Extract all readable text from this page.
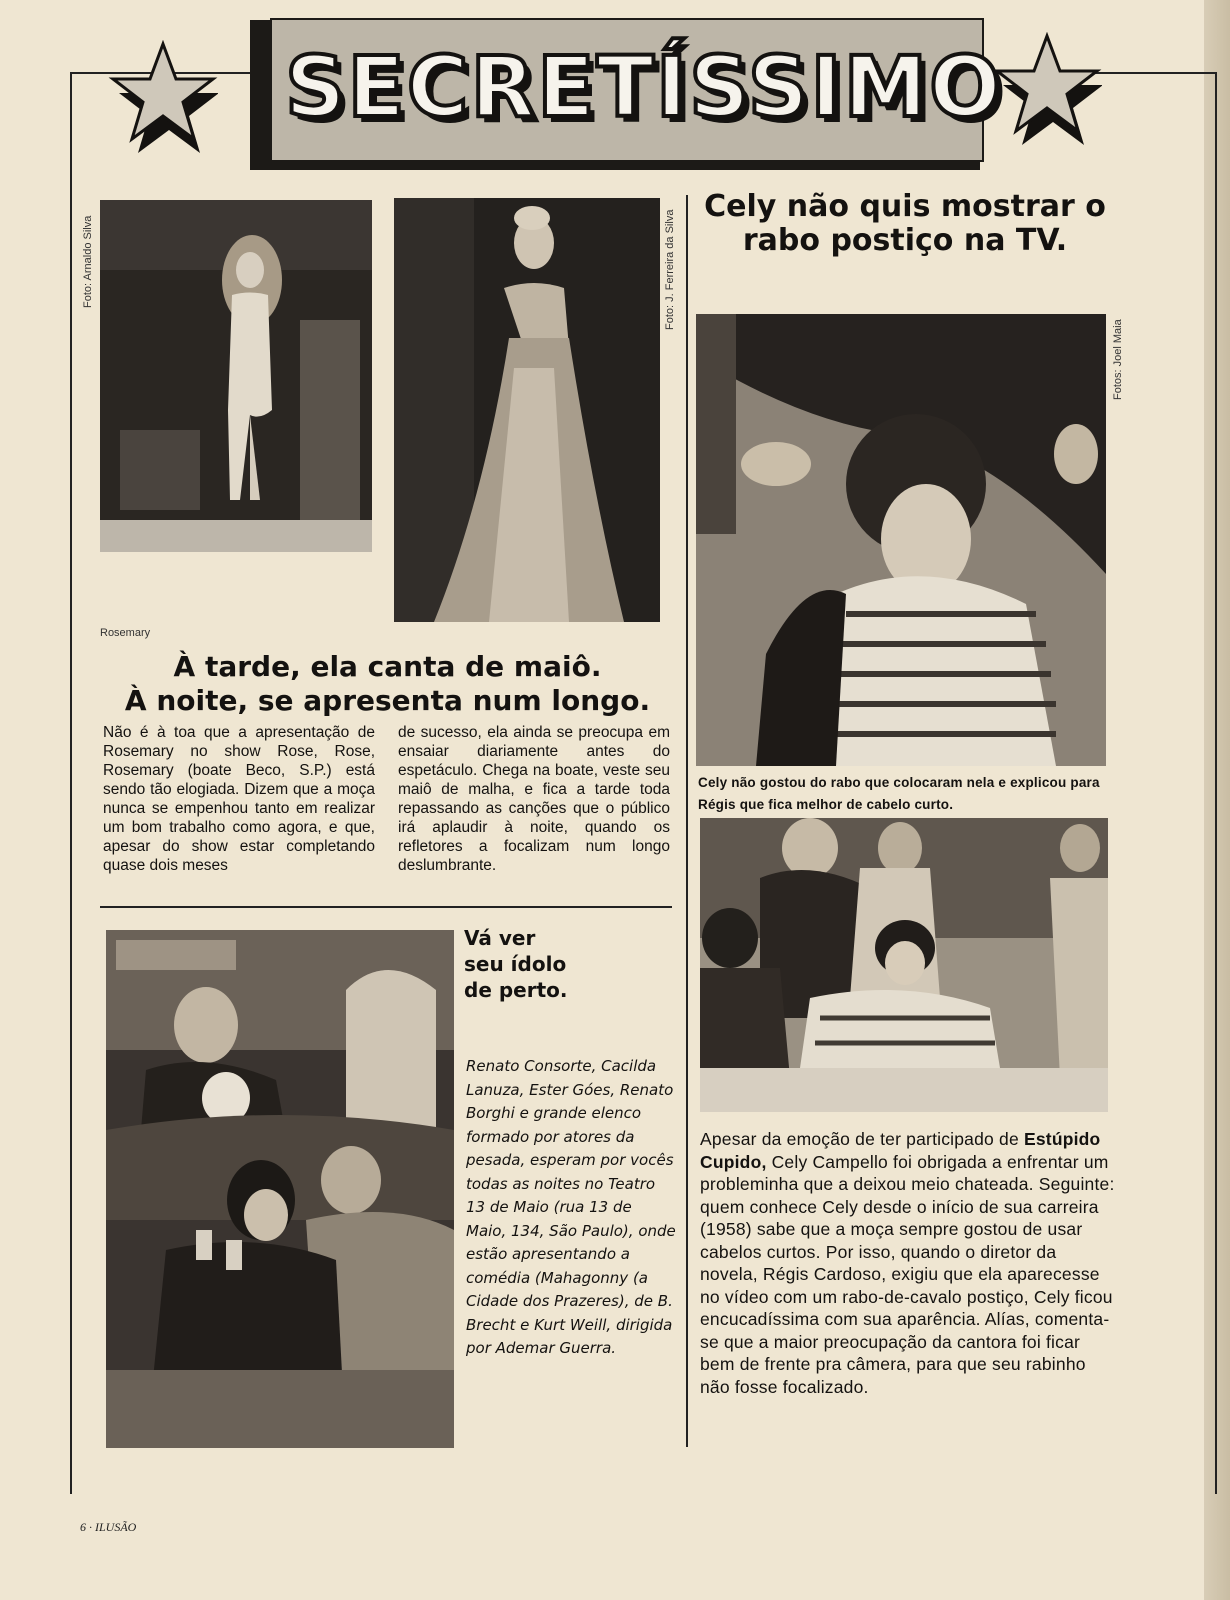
SECRETÍSSIMO
Foto: Arnaldo Silva	Foto: J. Ferreira da Silva
Rosemary
À tarde, ela canta de maiô.
À noite, se apresenta num longo.
Não é à toa que a apresentação de Rosemary no show Rose, Rose, Rosemary (boate Beco, S.P.) está sendo tão elogiada. Dizem que a moça nunca se empenhou tanto em realizar um bom trabalho como agora, e que, apesar do show estar completando quase dois meses
de sucesso, ela ainda se preocupa em ensaiar diariamente antes do espetáculo. Chega na boate, veste seu maiô de malha, e fica a tarde toda repassando as canções que o público irá aplaudir à noite, quando os refletores a focalizam num longo deslumbrante.
Vá ver seu ídolo de perto.
Renato Consorte, Cacilda Lanuza, Ester Góes, Renato Borghi e grande elenco formado por atores da pesada, esperam por vocês todas as noites no Teatro 13 de Maio (rua 13 de Maio, 134, São Paulo), onde estão apresentando a comédia (Mahagonny (a Cidade dos Prazeres), de B. Brecht e Kurt Weill, dirigida por Ademar Guerra.
Cely não quis mostrar o rabo postiço na TV.
Fotos: Joel Maia
Cely não gostou do rabo que colocaram nela e explicou para Régis que fica melhor de cabelo curto.
Apesar da emoção de ter participado de Estúpido Cupido, Cely Campello foi obrigada a enfrentar um probleminha que a deixou meio chateada. Seguinte: quem conhece Cely desde o início de sua carreira (1958) sabe que a moça sempre gostou de usar cabelos curtos. Por isso, quando o diretor da novela, Régis Cardoso, exigiu que ela aparecesse no vídeo com um rabo-de-cavalo postiço, Cely ficou encucadíssima com sua aparência. Alías, comenta-se que a maior preocupação da cantora foi ficar bem de frente pra câmera, para que seu rabinho não fosse focalizado.
6 · ILUSÃO
